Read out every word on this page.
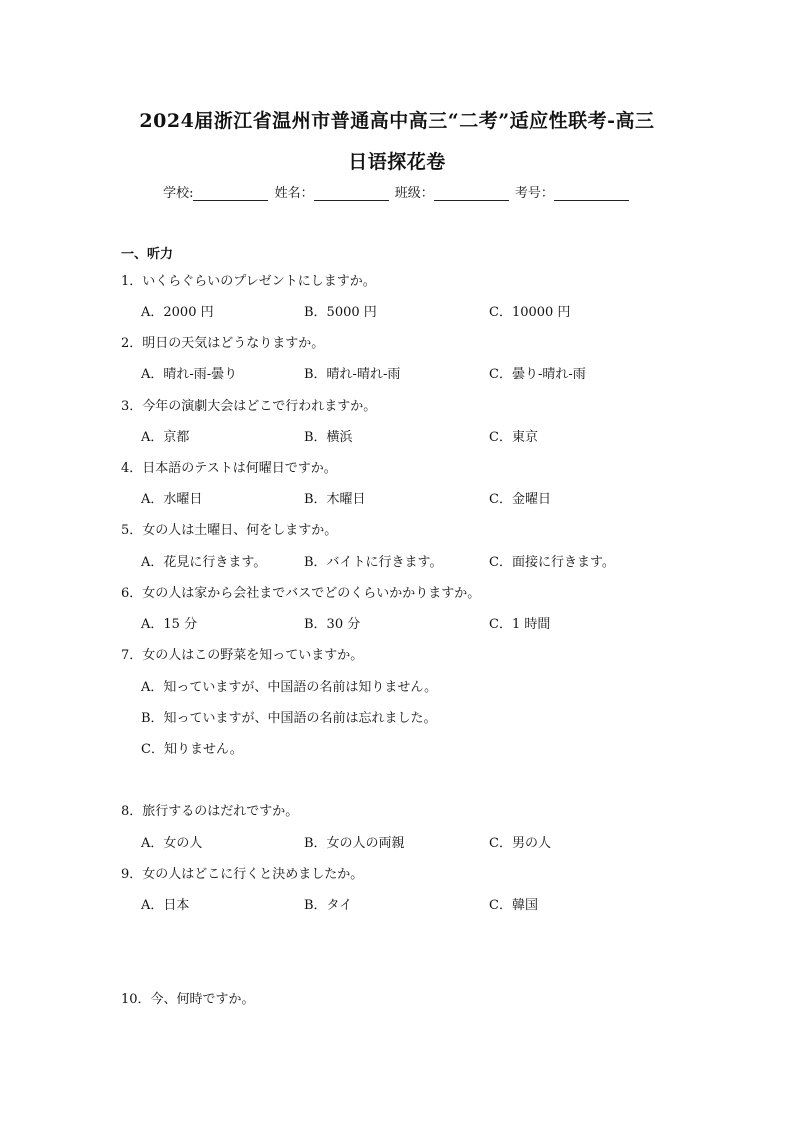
2024届浙江省温州市普通高中高三“二考”适应性联考-高三
日语探花卷
学校:	姓名：	班级：	考号：
一、听力
1．いくらぐらいのプレゼントにしますか。
A．2000 円	B．5000 円	C．10000 円
2．明日の天気はどうなりますか。
A．晴れ-雨-曇り	B．晴れ-晴れ-雨	C．曇り-晴れ-雨
3．今年の演劇大会はどこで行われますか。
A．京都	B．横浜	C．東京
4．日本語のテストは何曜日ですか。
A．水曜日	B．木曜日	C．金曜日
5．女の人は土曜日、何をしますか。
A．花見に行きます。	B．バイトに行きます。	C．面接に行きます。
6．女の人は家から会社までバスでどのくらいかかりますか。
A．15 分	B．30 分	C．1 時間
7．女の人はこの野菜を知っていますか。
A．知っていますが、中国語の名前は知りません。
B．知っていますが、中国語の名前は忘れました。
C．知りません。
8．旅行するのはだれですか。
A．女の人	B．女の人の両親	C．男の人
9．女の人はどこに行くと決めましたか。
A．日本	B．タイ	C．韓国
10．今、何時ですか。
